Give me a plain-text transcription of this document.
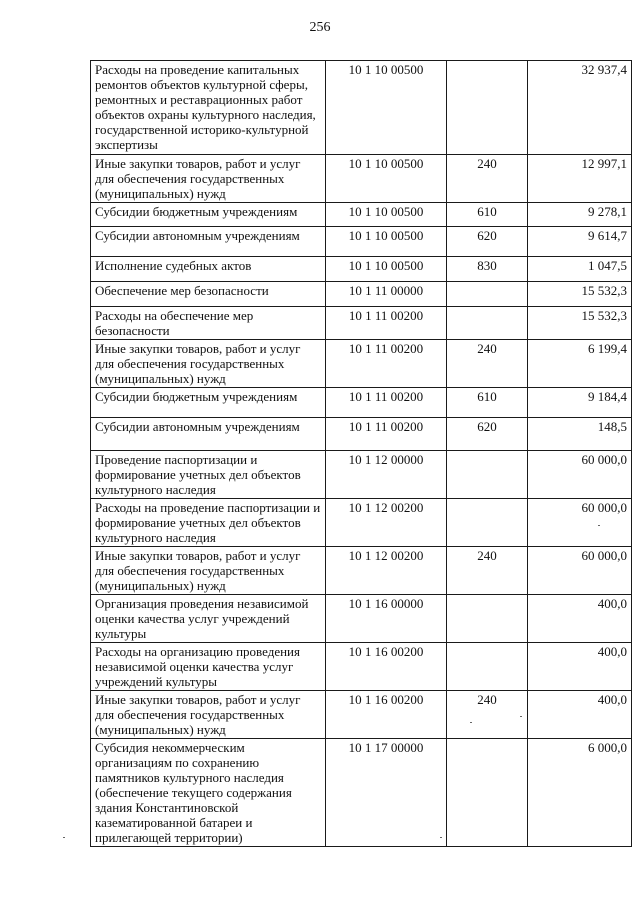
256
Расходы на проведение капитальных ремонтов объектов культурной сферы, ремонтных и реставрационных работ объектов охраны культурного наследия, государственной историко-культурной экспертизы	10 1 10 00500		32 937,4
Иные закупки товаров, работ и услуг для обеспечения государственных (муниципальных) нужд	10 1 10 00500	240	12 997,1
Субсидии бюджетным учреждениям	10 1 10 00500	610	9 278,1
Субсидии автономным учреждениям	10 1 10 00500	620	9 614,7
Исполнение судебных актов	10 1 10 00500	830	1 047,5
Обеспечение мер безопасности	10 1 11 00000		15 532,3
Расходы на обеспечение мер безопасности	10 1 11 00200		15 532,3
Иные закупки товаров, работ и услуг для обеспечения государственных (муниципальных) нужд	10 1 11 00200	240	6 199,4
Субсидии бюджетным учреждениям	10 1 11 00200	610	9 184,4
Субсидии автономным учреждениям	10 1 11 00200	620	148,5
Проведение паспортизации и формирование учетных дел объектов культурного наследия	10 1 12 00000		60 000,0
Расходы на проведение паспортизации и формирование учетных дел объектов культурного наследия	10 1 12 00200		60 000,0
Иные закупки товаров, работ и услуг для обеспечения государственных (муниципальных) нужд	10 1 12 00200	240	60 000,0
Организация проведения независимой оценки качества услуг учреждений культуры	10 1 16 00000		400,0
Расходы на организацию проведения независимой оценки качества услуг учреждений культуры	10 1 16 00200		400,0
Иные закупки товаров, работ и услуг для обеспечения государственных (муниципальных) нужд	10 1 16 00200	240	400,0
Субсидия некоммерческим организациям по сохранению памятников культурного наследия (обеспечение текущего содержания здания Константиновской казематированной батареи и прилегающей территории)	10 1 17 00000		6 000,0
